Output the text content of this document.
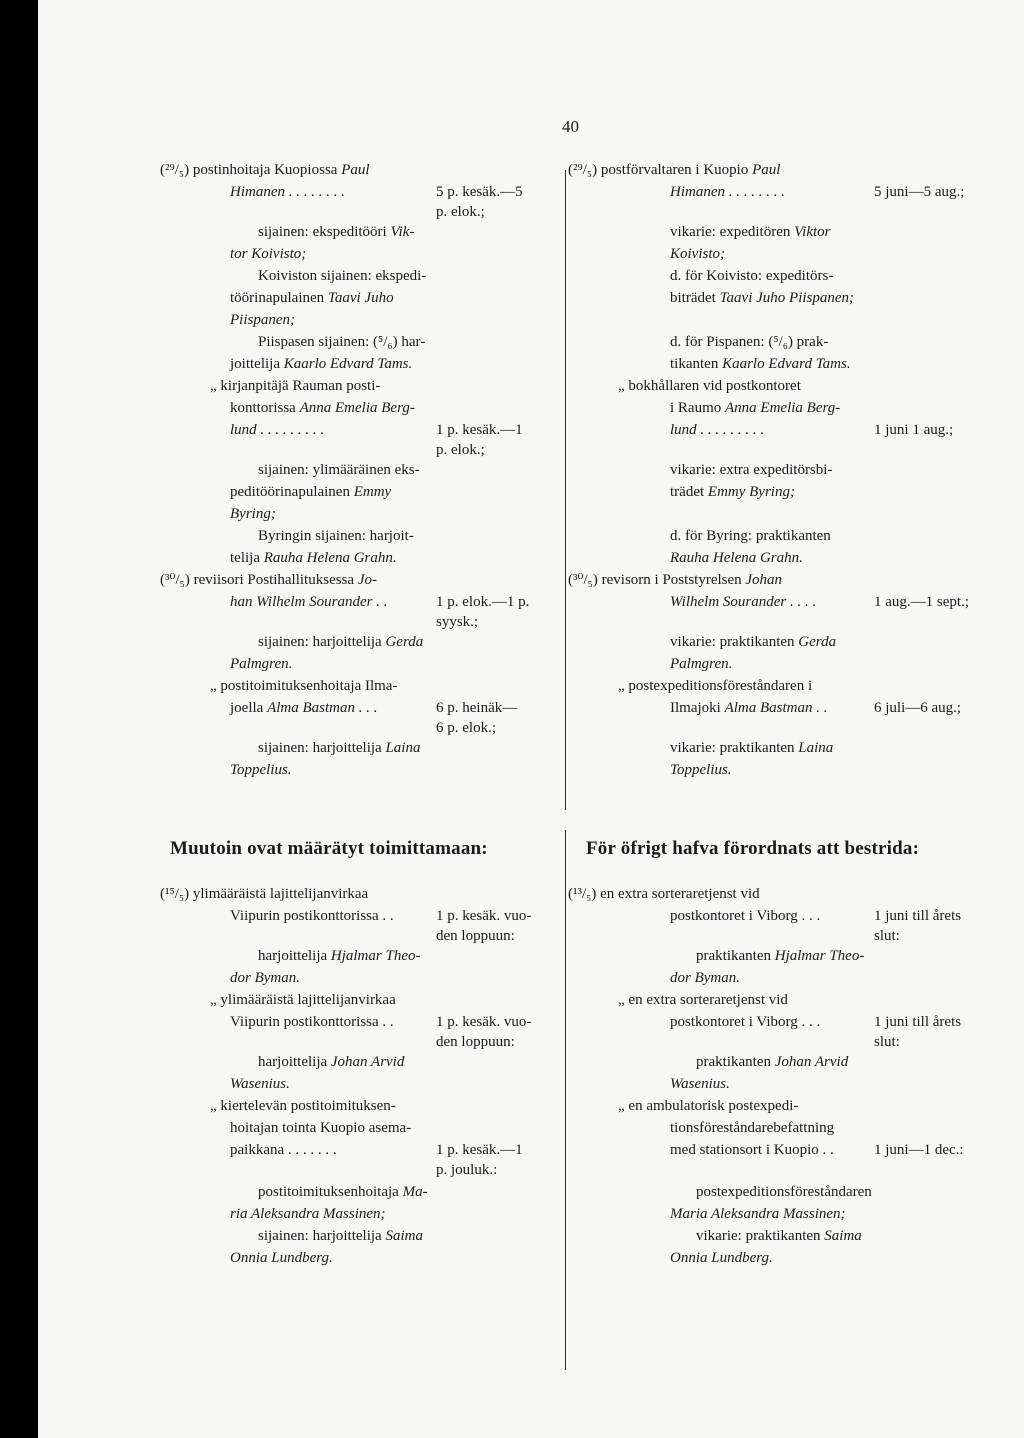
40
Muutoin ovat määrätyt toimittamaan:	För öfrigt hafva förordnats att bestrida:
(²⁹/₅) postinhoitaja Kuopiossa Paul
Himanen . . . . . . . .
sijainen: ekspeditööri Vik-
tor Koivisto;
Koiviston sijainen: ekspedi-
töörinapulainen Taavi Juho
Piispanen;
Piispasen sijainen: (⁵/₆) har-
joittelija Kaarlo Edvard Tams.
„ kirjanpitäjä Rauman posti-
konttorissa Anna Emelia Berg-
lund . . . . . . . . .
sijainen: ylimääräinen eks-
peditöörinapulainen Emmy
Byring;
Byringin sijainen: harjoit-
telija Rauha Helena Grahn.
(³⁰/₅) reviisori Postihallituksessa Jo-
han Wilhelm Sourander . .
sijainen: harjoittelija Gerda
Palmgren.
„ postitoimituksenhoitaja Ilma-
joella Alma Bastman . . .
sijainen: harjoittelija Laina
Toppelius.
5 p. kesäk.—5
p. elok.;
1 p. kesäk.—1
p. elok.;
1 p. elok.—1 p.
syysk.;
6 p. heinäk—
6 p. elok.;
(²⁹/₅) postförvaltaren i Kuopio Paul
Himanen . . . . . . . .
vikarie: expeditören Viktor
Koivisto;
d. för Koivisto: expeditörs-
biträdet Taavi Juho Piispanen;
d. för Pispanen: (⁵/₆) prak-
tikanten Kaarlo Edvard Tams.
„ bokhållaren vid postkontoret
i Raumo Anna Emelia Berg-
lund . . . . . . . . .
vikarie: extra expeditörsbi-
trädet Emmy Byring;
d. för Byring: praktikanten
Rauha Helena Grahn.
(³⁰/₅) revisorn i Poststyrelsen Johan
Wilhelm Sourander . . . .
vikarie: praktikanten Gerda
Palmgren.
„ postexpeditionsföreståndaren i
Ilmajoki Alma Bastman . .
vikarie: praktikanten Laina
Toppelius.
5 juni—5 aug.;
1 juni 1 aug.;
1 aug.—1 sept.;
6 juli—6 aug.;
(¹⁵/₅) ylimääräistä lajittelijanvirkaa
Viipurin postikonttorissa . .
harjoittelija Hjalmar Theo-
dor Byman.
„ ylimääräistä lajittelijanvirkaa
Viipurin postikonttorissa . .
harjoittelija Johan Arvid
Wasenius.
„ kiertelevän postitoimituksen-
hoitajan tointa Kuopio asema-
paikkana . . . . . . .
postitoimituksenhoitaja Ma-
ria Aleksandra Massinen;
sijainen: harjoittelija Saima
Onnia Lundberg.
1 p. kesäk. vuo-
den loppuun:
1 p. kesäk. vuo-
den loppuun:
1 p. kesäk.—1
p. jouluk.:
(¹³/₅) en extra sorteraretjenst vid
postkontoret i Viborg . . .
praktikanten Hjalmar Theo-
dor Byman.
„ en extra sorteraretjenst vid
postkontoret i Viborg . . .
praktikanten Johan Arvid
Wasenius.
„ en ambulatorisk postexpedi-
tionsföreståndarebefattning
med stationsort i Kuopio . .
postexpeditionsföreståndaren
Maria Aleksandra Massinen;
vikarie: praktikanten Saima
Onnia Lundberg.
1 juni till årets
slut:
1 juni till årets
slut:
1 juni—1 dec.:
